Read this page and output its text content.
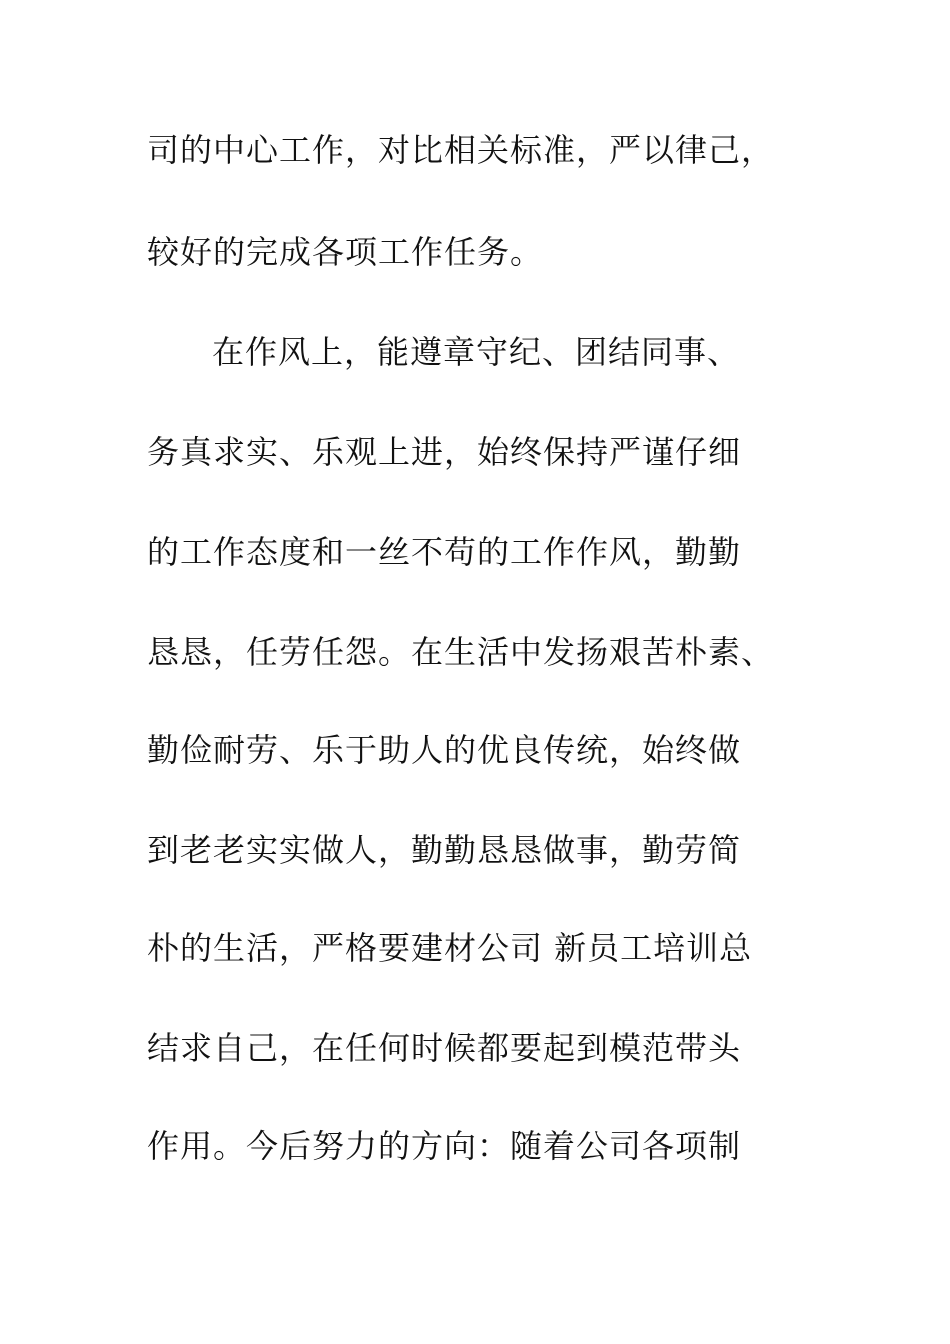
司的中心工作，对比相关标准，严以律己，
较好的完成各项工作任务。
在作风上，能遵章守纪、团结同事、
务真求实、乐观上进，始终保持严谨仔细
的工作态度和一丝不苟的工作作风，勤勤
恳恳，任劳任怨。在生活中发扬艰苦朴素、
勤俭耐劳、乐于助人的优良传统，始终做
到老老实实做人，勤勤恳恳做事，勤劳简
朴的生活，严格要建材公司 新员工培训总
结求自己，在任何时候都要起到模范带头
作用。今后努力的方向：随着公司各项制
